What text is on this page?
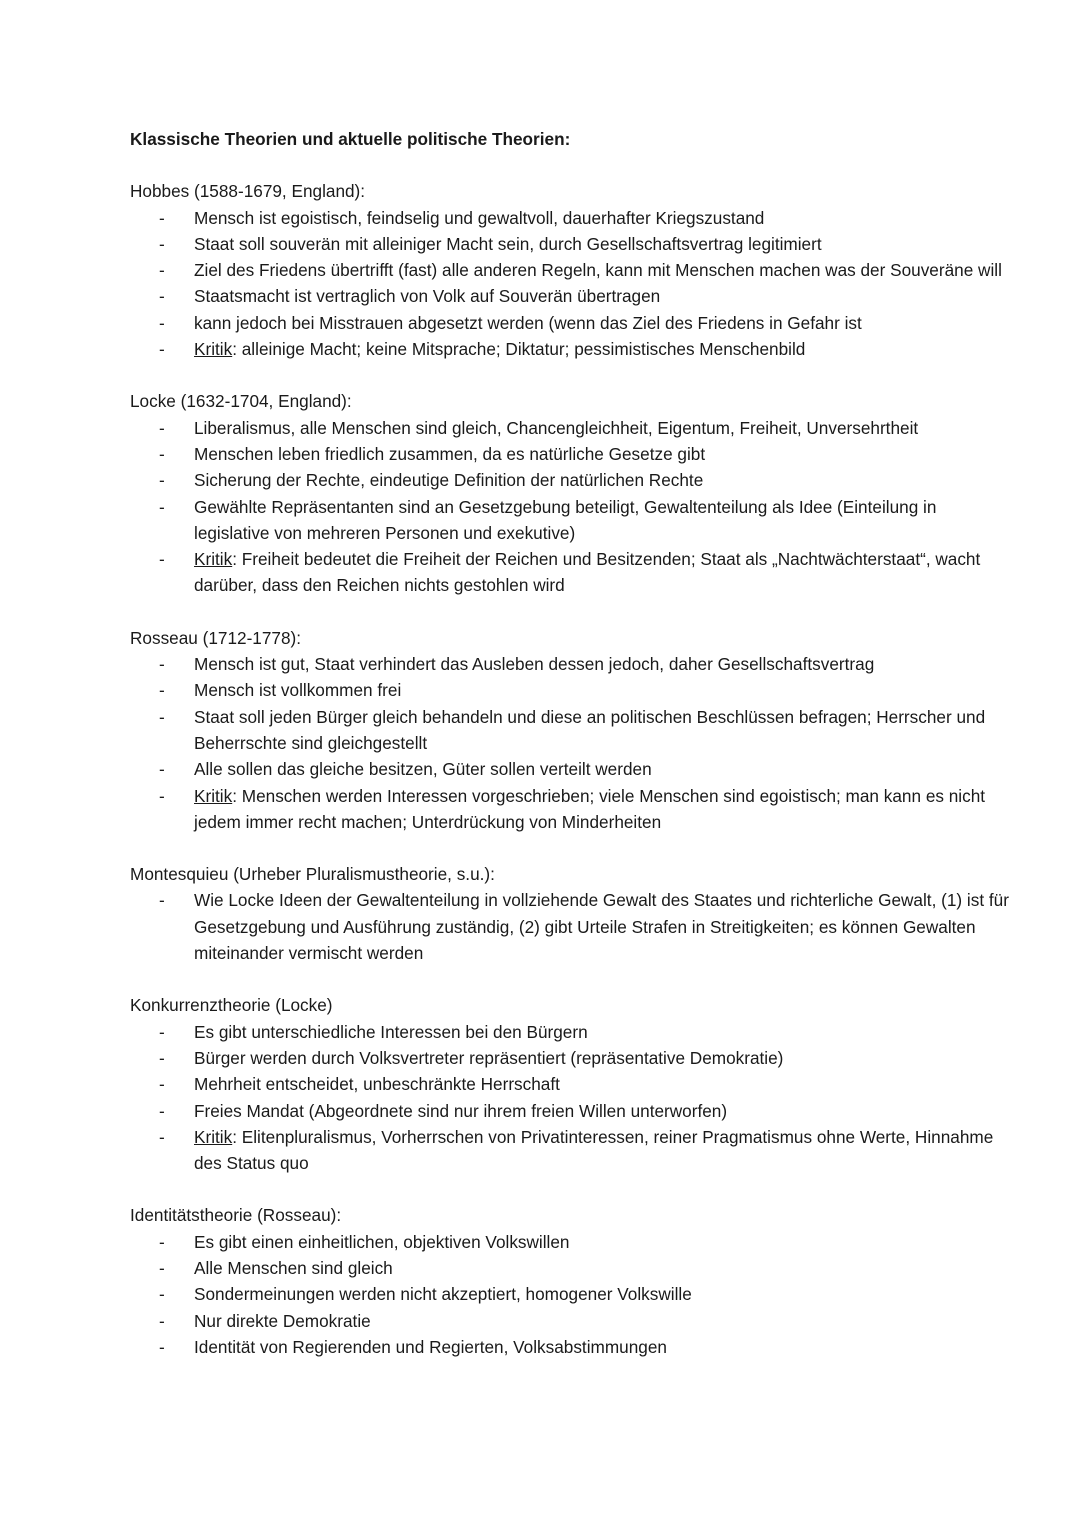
Klassische Theorien und aktuelle politische Theorien:

Hobbes (1588-1679, England):

- Mensch ist egoistisch, feindselig und gewaltvoll, dauerhafter Kriegszustand
- Staat soll souverän mit alleiniger Macht sein, durch Gesellschaftsvertrag legitimiert
- Ziel des Friedens übertrifft (fast) alle anderen Regeln, kann mit Menschen machen was der Souveräne will
- Staatsmacht ist vertraglich von Volk auf Souverän übertragen
- kann jedoch bei Misstrauen abgesetzt werden (wenn das Ziel des Friedens in Gefahr ist
- Kritik: alleinige Macht; keine Mitsprache; Diktatur; pessimistisches Menschenbild

Locke (1632-1704, England):

- Liberalismus, alle Menschen sind gleich, Chancengleichheit, Eigentum, Freiheit, Unversehrtheit
- Menschen leben friedlich zusammen, da es natürliche Gesetze gibt
- Sicherung der Rechte, eindeutige Definition der natürlichen Rechte
- Gewählte Repräsentanten sind an Gesetzgebung beteiligt, Gewaltenteilung als Idee (Einteilung in legislative von mehreren Personen und exekutive)
- Kritik: Freiheit bedeutet die Freiheit der Reichen und Besitzenden; Staat als „Nachtwächterstaat“, wacht darüber, dass den Reichen nichts gestohlen wird

Rosseau (1712-1778):

- Mensch ist gut, Staat verhindert das Ausleben dessen jedoch, daher Gesellschaftsvertrag
- Mensch ist vollkommen frei
- Staat soll jeden Bürger gleich behandeln und diese an politischen Beschlüssen befragen; Herrscher und Beherrschte sind gleichgestellt
- Alle sollen das gleiche besitzen, Güter sollen verteilt werden
- Kritik: Menschen werden Interessen vorgeschrieben; viele Menschen sind egoistisch; man kann es nicht jedem immer recht machen; Unterdrückung von Minderheiten

Montesquieu (Urheber Pluralismustheorie, s.u.):

- Wie Locke Ideen der Gewaltenteilung in vollziehende Gewalt des Staates und richterliche Gewalt, (1) ist für Gesetzgebung und Ausführung zuständig, (2) gibt Urteile Strafen in Streitigkeiten; es können Gewalten miteinander vermischt werden

Konkurrenztheorie (Locke)

- Es gibt unterschiedliche Interessen bei den Bürgern
- Bürger werden durch Volksvertreter repräsentiert (repräsentative Demokratie)
- Mehrheit entscheidet, unbeschränkte Herrschaft
- Freies Mandat (Abgeordnete sind nur ihrem freien Willen unterworfen)
- Kritik: Elitenpluralismus, Vorherrschen von Privatinteressen, reiner Pragmatismus ohne Werte, Hinnahme des Status quo

Identitätstheorie (Rosseau):

- Es gibt einen einheitlichen, objektiven Volkswillen
- Alle Menschen sind gleich
- Sondermeinungen werden nicht akzeptiert, homogener Volkswille
- Nur direkte Demokratie
- Identität von Regierenden und Regierten, Volksabstimmungen
